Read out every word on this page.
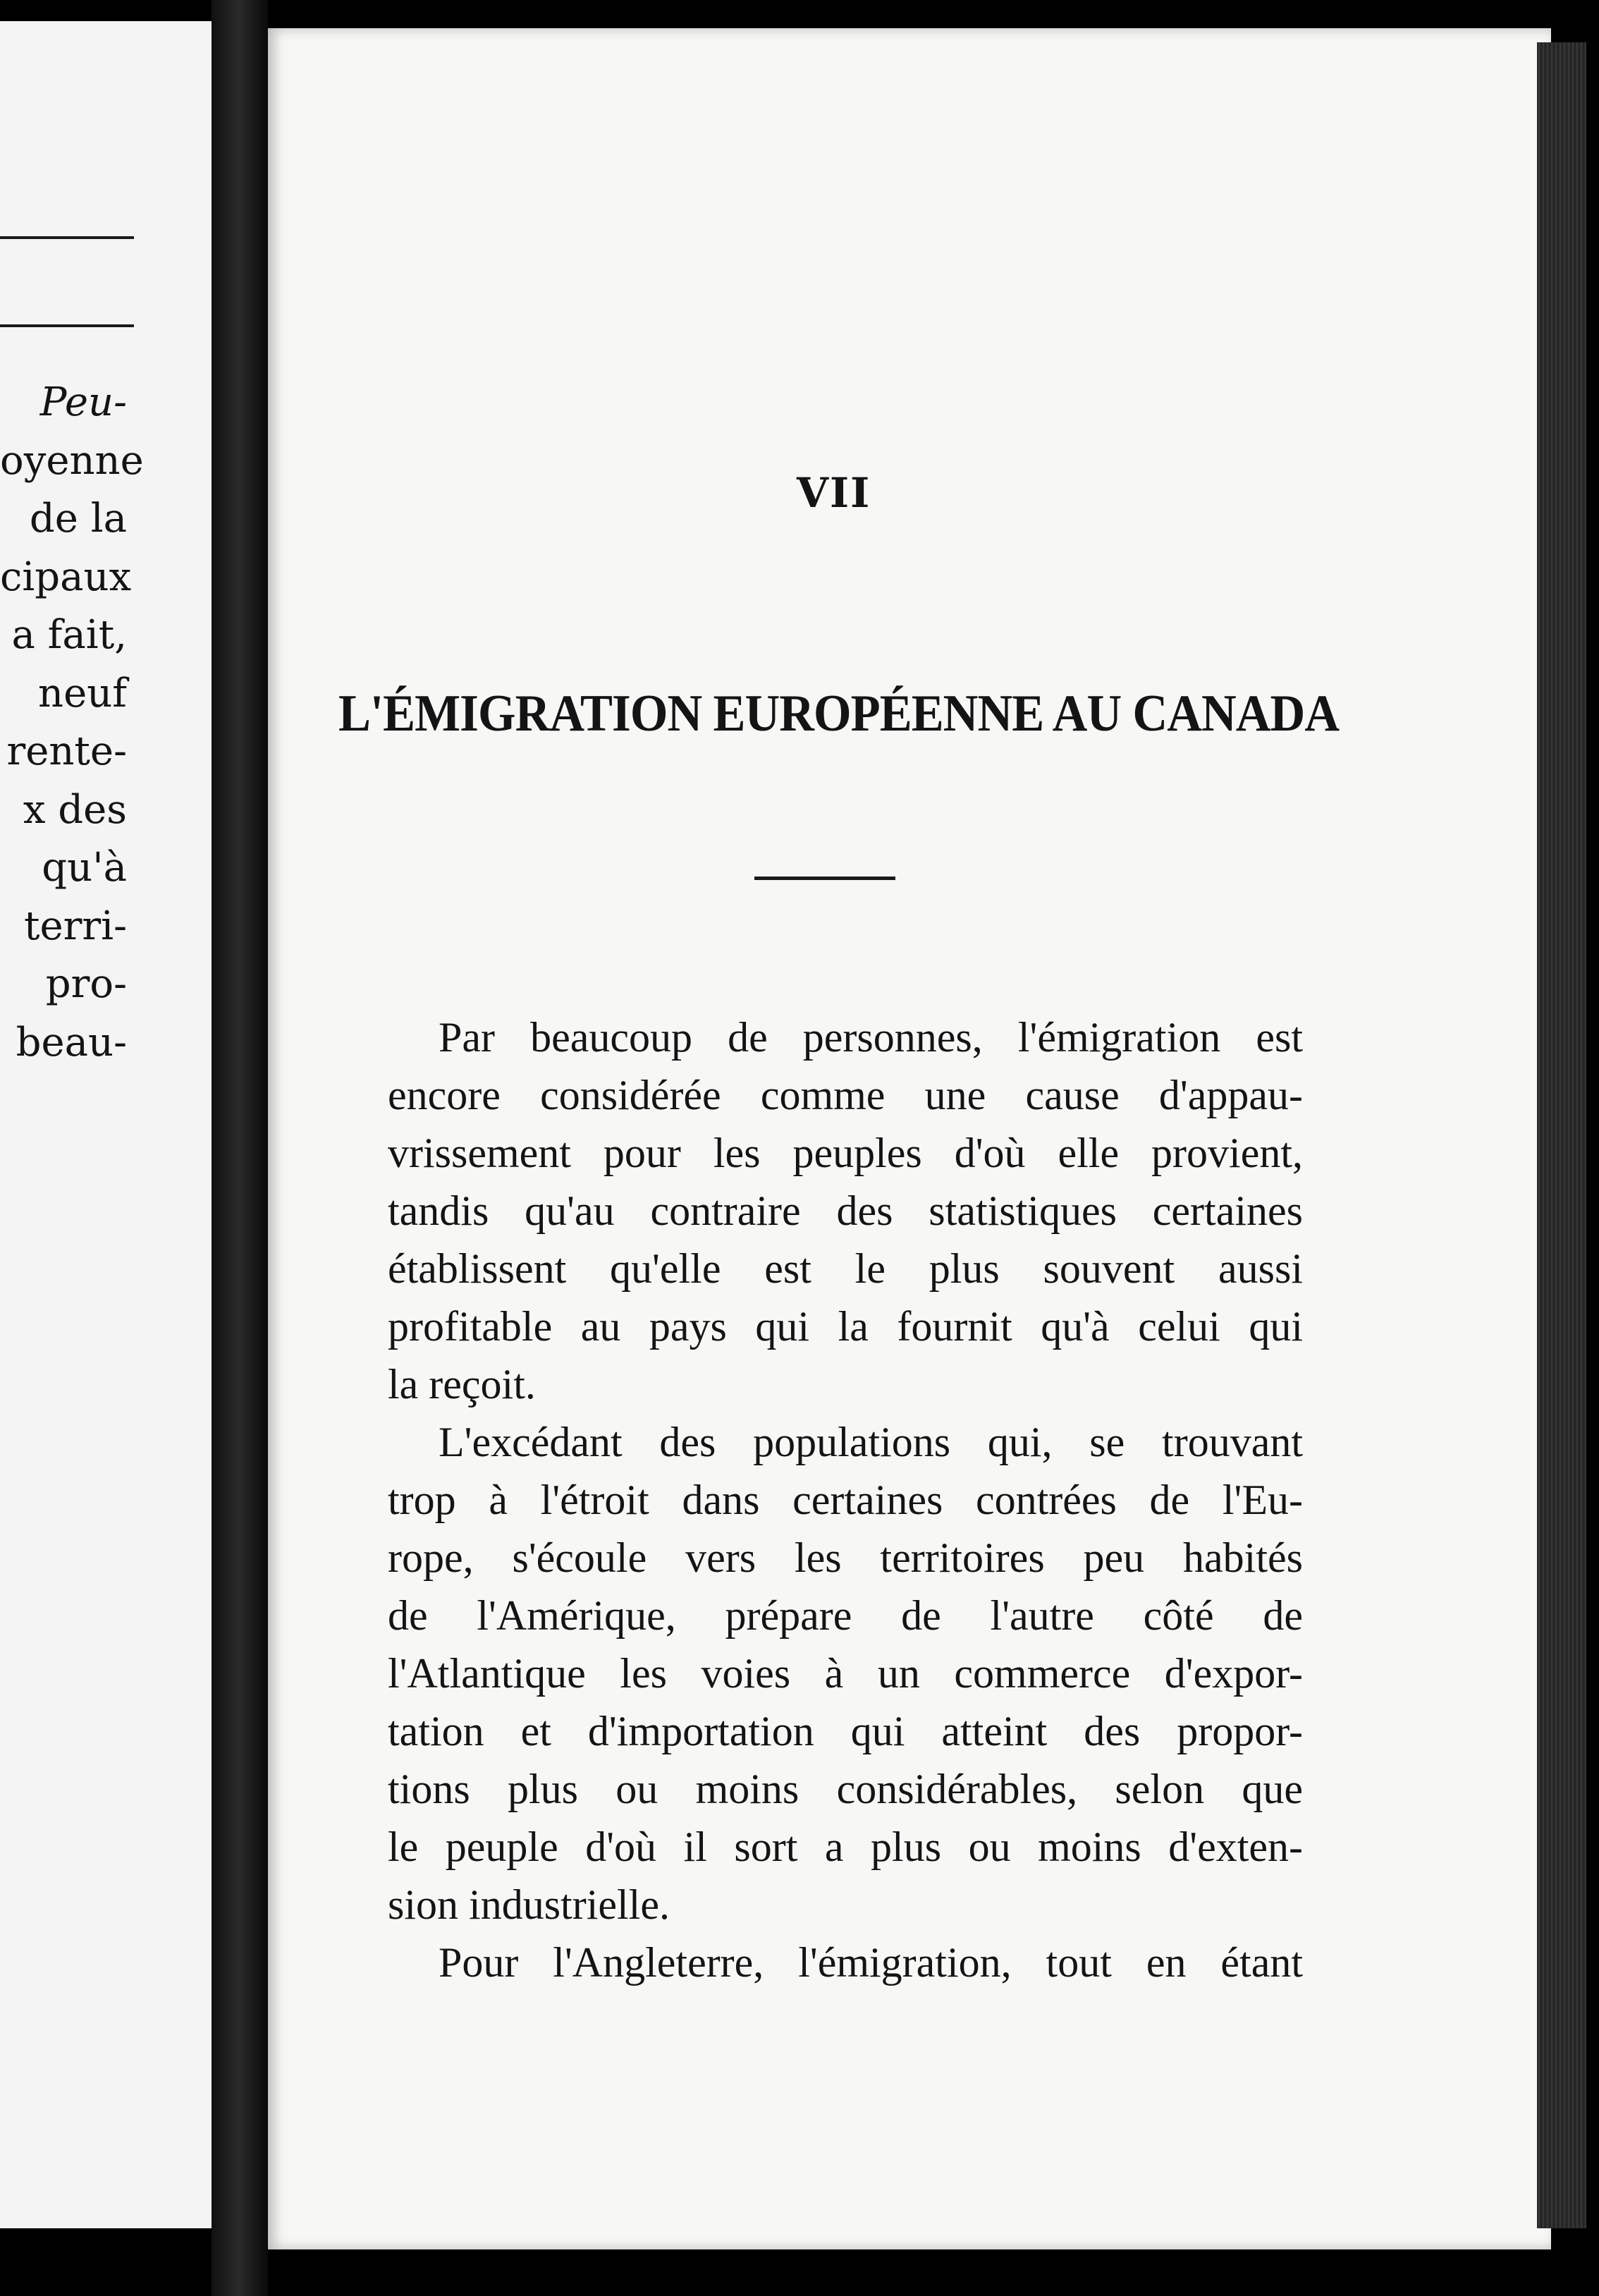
Peu-
oyenne
de la
cipaux
a fait,
neuf
rente-
x des
qu'à
terri-
pro-
beau-
VII
L'ÉMIGRATION EUROPÉENNE AU CANADA

Par beaucoup de personnes, l'émigration est
encore considérée comme une cause d'appau-
vrissement pour les peuples d'où elle provient,
tandis qu'au contraire des statistiques certaines
établissent qu'elle est le plus souvent aussi
profitable au pays qui la fournit qu'à celui qui
la reçoit.

L'excédant des populations qui, se trouvant
trop à l'étroit dans certaines contrées de l'Eu-
rope, s'écoule vers les territoires peu habités
de l'Amérique, prépare de l'autre côté de
l'Atlantique les voies à un commerce d'expor-
tation et d'importation qui atteint des propor-
tions plus ou moins considérables, selon que
le peuple d'où il sort a plus ou moins d'exten-
sion industrielle.

Pour l'Angleterre, l'émigration, tout en étant
